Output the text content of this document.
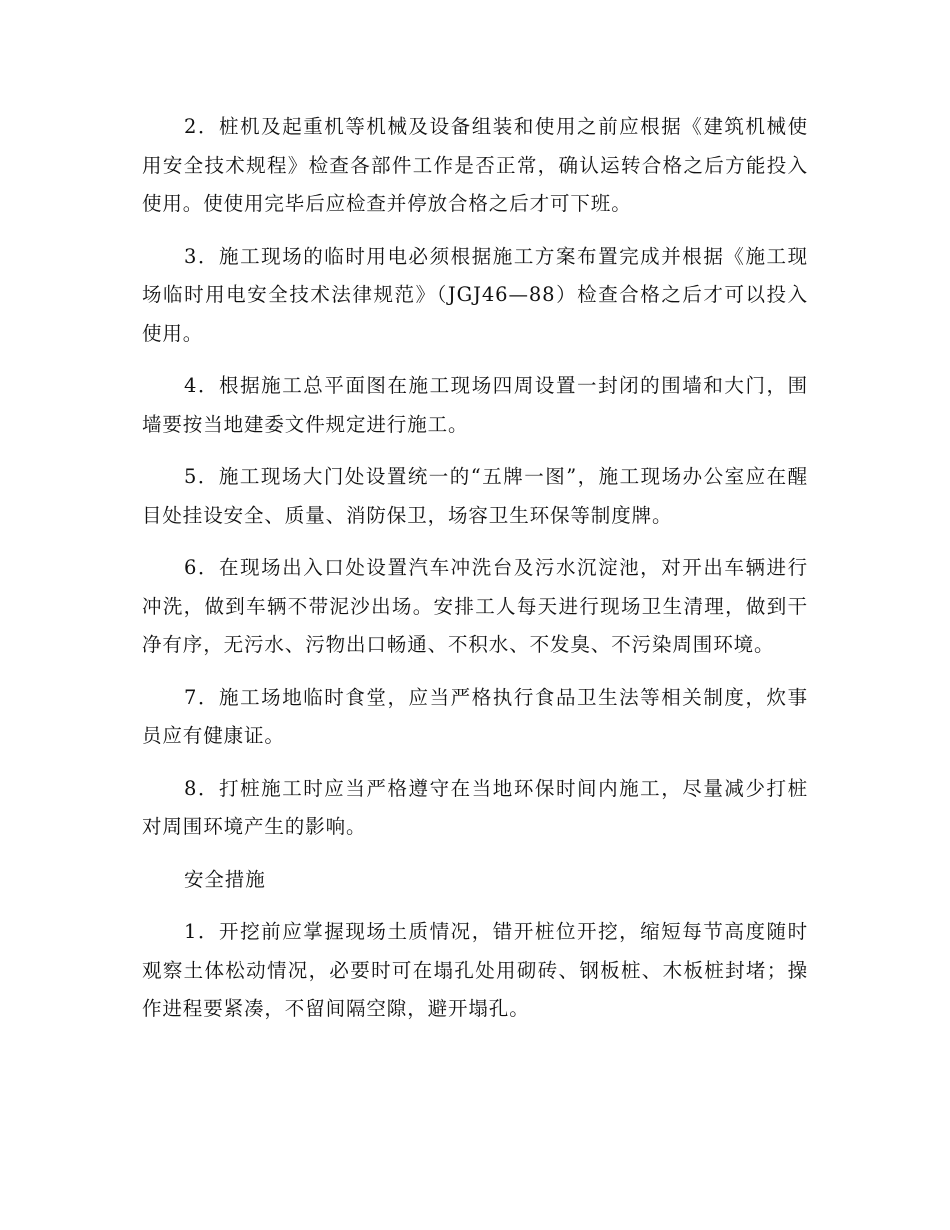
2．桩机及起重机等机械及设备组装和使用之前应根据《建筑机械使用安全技术规程》检查各部件工作是否正常，确认运转合格之后方能投入使用。使使用完毕后应检查并停放合格之后才可下班。

3．施工现场的临时用电必须根据施工方案布置完成并根据《施工现场临时用电安全技术法律规范》（JGJ46—88）检查合格之后才可以投入使用。

4．根据施工总平面图在施工现场四周设置一封闭的围墙和大门，围墙要按当地建委文件规定进行施工。

5．施工现场大门处设置统一的“五牌一图”，施工现场办公室应在醒目处挂设安全、质量、消防保卫，场容卫生环保等制度牌。

6．在现场出入口处设置汽车冲洗台及污水沉淀池，对开出车辆进行冲洗，做到车辆不带泥沙出场。安排工人每天进行现场卫生清理，做到干净有序，无污水、污物出口畅通、不积水、不发臭、不污染周围环境。

7．施工场地临时食堂，应当严格执行食品卫生法等相关制度，炊事员应有健康证。

8．打桩施工时应当严格遵守在当地环保时间内施工，尽量减少打桩对周围环境产生的影响。

安全措施

1．开挖前应掌握现场土质情况，错开桩位开挖，缩短每节高度随时观察土体松动情况，必要时可在塌孔处用砌砖、钢板桩、木板桩封堵；操作进程要紧凑，不留间隔空隙，避开塌孔。
